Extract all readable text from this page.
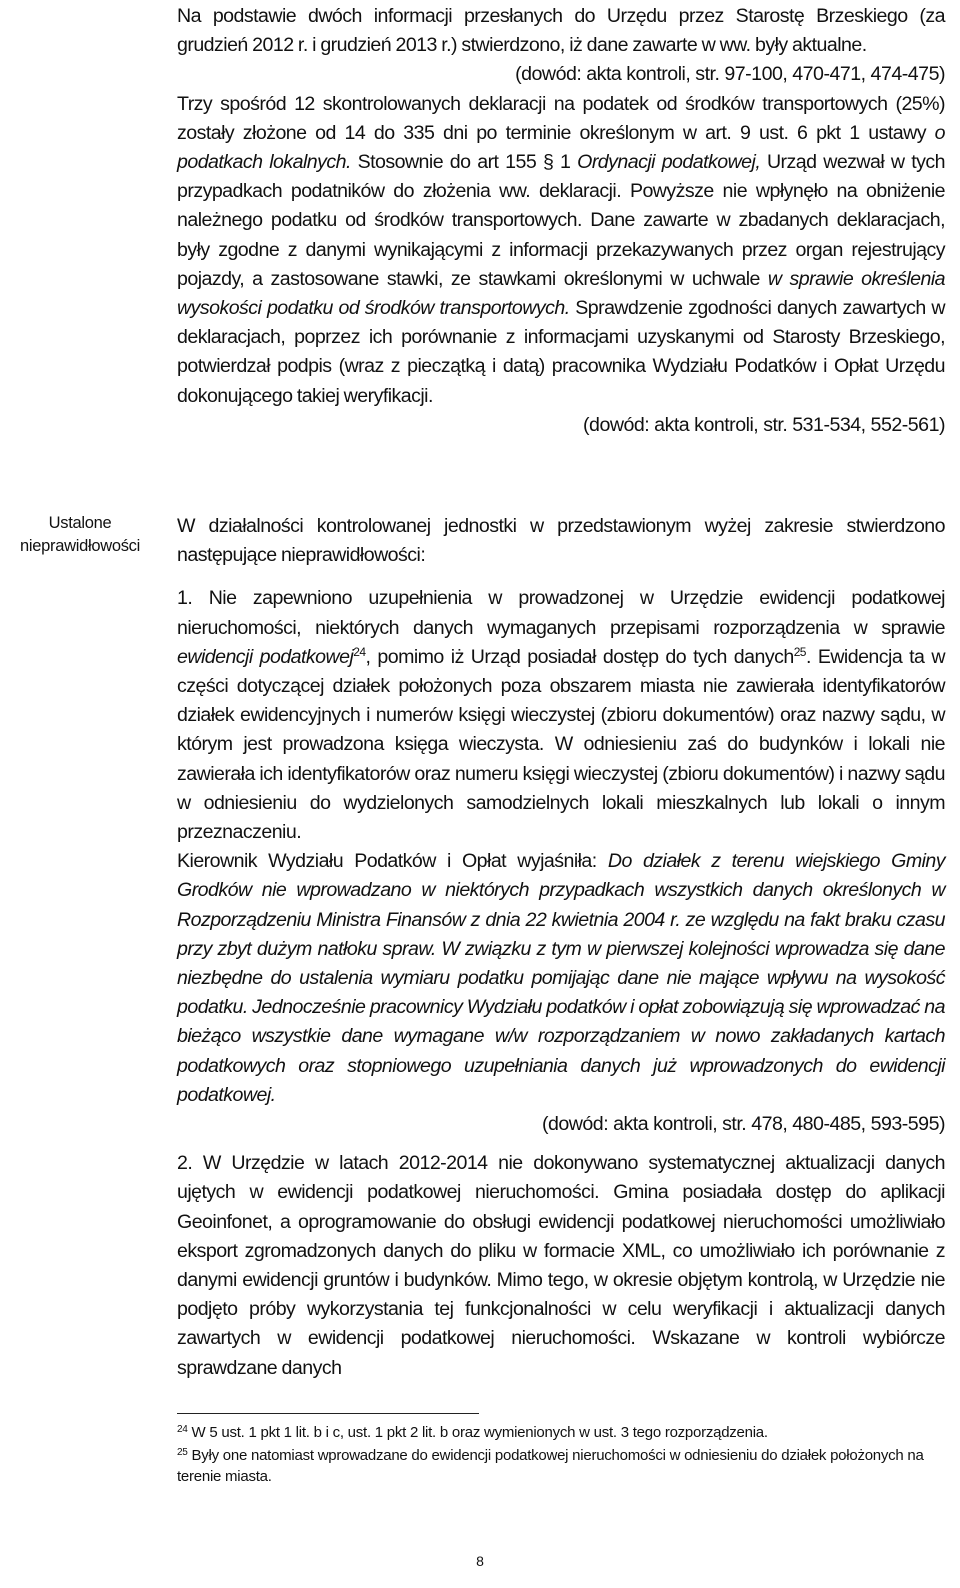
Na podstawie dwóch informacji przesłanych do Urzędu przez Starostę Brzeskiego (za grudzień 2012 r. i grudzień 2013 r.) stwierdzono, iż dane zawarte w ww. były aktualne.

(dowód: akta kontroli, str. 97-100, 470-471, 474-475)

Trzy spośród 12 skontrolowanych deklaracji na podatek od środków transportowych (25%) zostały złożone od 14 do 335 dni po terminie określonym w art. 9 ust. 6 pkt 1 ustawy o podatkach lokalnych. Stosownie do art 155 § 1 Ordynacji podatkowej, Urząd wezwał w tych przypadkach podatników do złożenia ww. deklaracji. Powyższe nie wpłynęło na obniżenie należnego podatku od środków transportowych. Dane zawarte w zbadanych deklaracjach, były zgodne z danymi wynikającymi z informacji przekazywanych przez organ rejestrujący pojazdy, a zastosowane stawki, ze stawkami określonymi w uchwale w sprawie określenia wysokości podatku od środków transportowych. Sprawdzenie zgodności danych zawartych w deklaracjach, poprzez ich porównanie z informacjami uzyskanymi od Starosty Brzeskiego, potwierdzał podpis (wraz z pieczątką i datą) pracownika Wydziału Podatków i Opłat Urzędu dokonującego takiej weryfikacji.

(dowód: akta kontroli, str. 531-534, 552-561)

Ustalone nieprawidłowości

W działalności kontrolowanej jednostki w przedstawionym wyżej zakresie stwierdzono następujące nieprawidłowości:

1. Nie zapewniono uzupełnienia w prowadzonej w Urzędzie ewidencji podatkowej nieruchomości, niektórych danych wymaganych przepisami rozporządzenia w sprawie ewidencji podatkowej$^{24}$, pomimo iż Urząd posiadał dostęp do tych danych$^{25}$. Ewidencja ta w części dotyczącej działek położonych poza obszarem miasta nie zawierała identyfikatorów działek ewidencyjnych i numerów księgi wieczystej (zbioru dokumentów) oraz nazwy sądu, w którym jest prowadzona księga wieczysta. W odniesieniu zaś do budynków i lokali nie zawierała ich identyfikatorów oraz numeru księgi wieczystej (zbioru dokumentów) i nazwy sądu w odniesieniu do wydzielonych samodzielnych lokali mieszkalnych lub lokali o innym przeznaczeniu.

Kierownik Wydziału Podatków i Opłat wyjaśniła: Do działek z terenu wiejskiego Gminy Grodków nie wprowadzano w niektórych przypadkach wszystkich danych określonych w Rozporządzeniu Ministra Finansów z dnia 22 kwietnia 2004 r. ze względu na fakt braku czasu przy zbyt dużym natłoku spraw. W związku z tym w pierwszej kolejności wprowadza się dane niezbędne do ustalenia wymiaru podatku pomijając dane nie mające wpływu na wysokość podatku. Jednocześnie pracownicy Wydziału podatków i opłat zobowiązują się wprowadzać na bieżąco wszystkie dane wymagane w/w rozporządzaniem w nowo zakładanych kartach podatkowych oraz stopniowego uzupełniania danych już wprowadzonych do ewidencji podatkowej.

(dowód: akta kontroli, str. 478, 480-485, 593-595)

2. W Urzędzie w latach 2012-2014 nie dokonywano systematycznej aktualizacji danych ujętych w ewidencji podatkowej nieruchomości. Gmina posiadała dostęp do aplikacji Geoinfonet, a oprogramowanie do obsługi ewidencji podatkowej nieruchomości umożliwiało eksport zgromadzonych danych do pliku w formacie XML, co umożliwiało ich porównanie z danymi ewidencji gruntów i budynków. Mimo tego, w okresie objętym kontrolą, w Urzędzie nie podjęto próby wykorzystania tej funkcjonalności w celu weryfikacji i aktualizacji danych zawartych w ewidencji podatkowej nieruchomości. Wskazane w kontroli wybiórcze sprawdzane danych

$^{24}$ W 5 ust. 1 pkt 1 lit. b i c, ust. 1 pkt 2 lit. b oraz wymienionych w ust. 3 tego rozporządzenia.
$^{25}$ Były one natomiast wprowadzane do ewidencji podatkowej nieruchomości w odniesieniu do działek położonych na terenie miasta.
8
